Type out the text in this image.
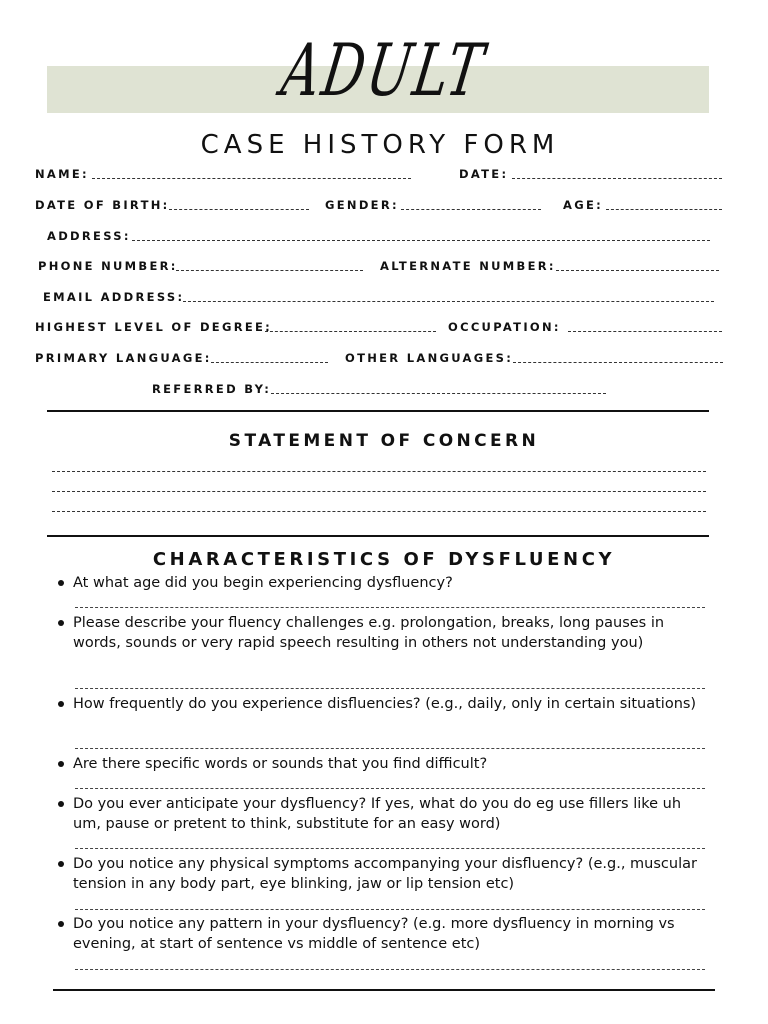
ADULT
CASE HISTORY FORM
NAME:	DATE:
DATE OF BIRTH:	GENDER:	AGE:
ADDRESS:
PHONE NUMBER:	ALTERNATE NUMBER:
EMAIL ADDRESS:
HIGHEST LEVEL OF DEGREE:	OCCUPATION:
PRIMARY LANGUAGE:	OTHER LANGUAGES:
REFERRED BY:
STATEMENT OF CONCERN
CHARACTERISTICS OF DYSFLUENCY
At what age did you begin experiencing dysfluency?
Please describe your fluency challenges e.g. prolongation, breaks, long pauses in words, sounds or very rapid speech resulting in others not understanding you)
How frequently do you experience disfluencies? (e.g., daily, only in certain situations)
Are there specific words or sounds that you find difficult?
Do you ever anticipate your dysfluency? If yes, what do you do eg use fillers like uh um, pause or pretent to think, substitute for an easy word)
Do you notice any physical symptoms accompanying your disfluency? (e.g., muscular tension in any body part, eye blinking, jaw or lip tension etc)
Do you notice any pattern in your dysfluency? (e.g. more dysfluency in morning vs evening, at start of sentence vs middle of sentence etc)
